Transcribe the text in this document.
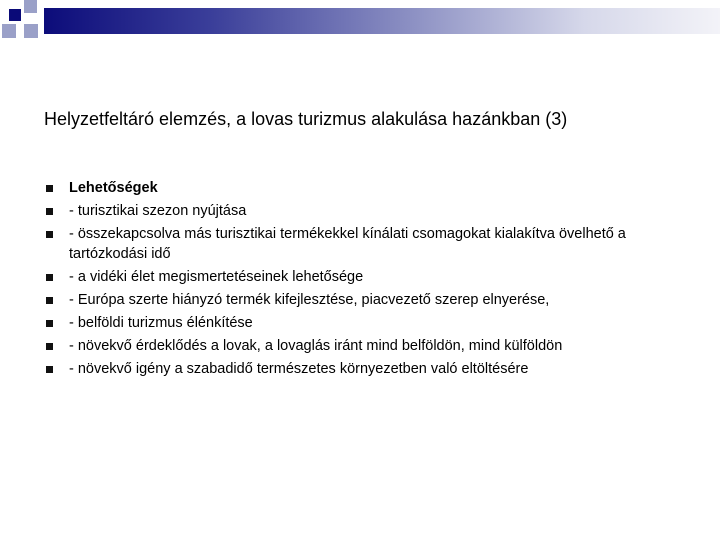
Helyzetfeltáró elemzés, a lovas turizmus alakulása hazánkban (3)
Lehetőségek
- turisztikai szezon nyújtása
- összekapcsolva más turisztikai termékekkel kínálati csomagokat kialakítva övelhető a tartózkodási idő
- a vidéki élet megismertetéseinek lehetősége
- Európa szerte hiányzó termék kifejlesztése, piacvezető szerep elnyerése,
- belföldi turizmus élénkítése
- növekvő érdeklődés a lovak, a lovaglás iránt mind belföldön, mind külföldön
- növekvő igény a szabadidő természetes környezetben való eltöltésére
